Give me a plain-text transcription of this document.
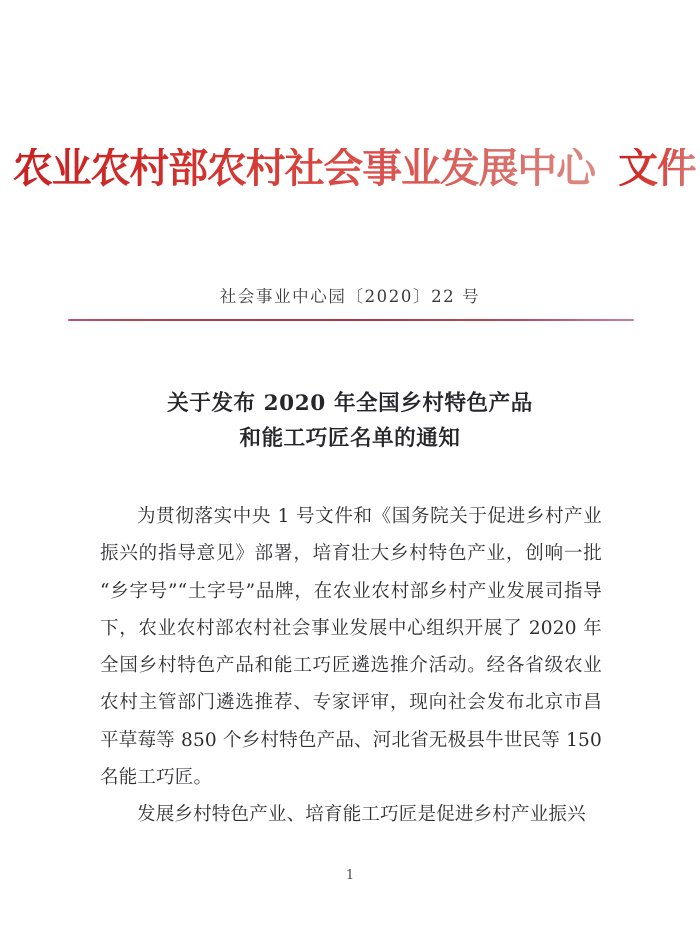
农业农村部农村社会事业发展中心 文件
社会事业中心园〔2020〕22 号
关于发布 2020 年全国乡村特色产品
和能工巧匠名单的通知

为贯彻落实中央 1 号文件和《国务院关于促进乡村产业振兴的指导意见》部署，培育壮大乡村特色产业，创响一批“乡字号”“土字号”品牌，在农业农村部乡村产业发展司指导下，农业农村部农村社会事业发展中心组织开展了 2020 年全国乡村特色产品和能工巧匠遴选推介活动。经各省级农业农村主管部门遴选推荐、专家评审，现向社会发布北京市昌平草莓等 850 个乡村特色产品、河北省无极县牛世民等 150 名能工巧匠。

发展乡村特色产业、培育能工巧匠是促进乡村产业振兴

1
